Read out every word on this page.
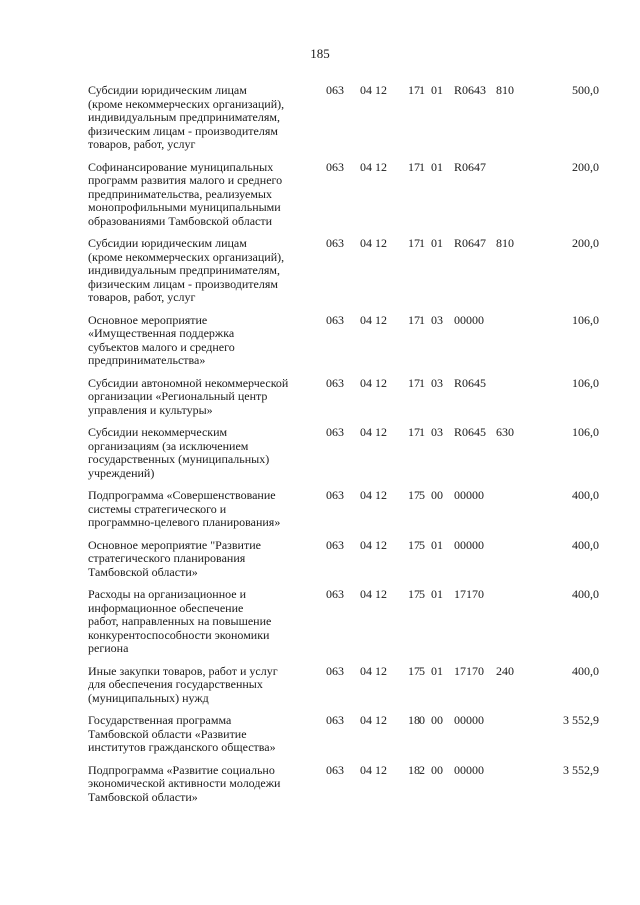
185
Субсидии юридическим лицам
(кроме некоммерческих организаций),
индивидуальным предпринимателям,
физическим лицам - производителям
товаров, работ, услуг
063 04 12 17 1 01 R0643 810	500,0
Софинансирование муниципальных
программ развития малого и среднего
предпринимательства, реализуемых
монопрофильными муниципальными
образованиями Тамбовской области
063 04 12 17 1 01 R0647	200,0
Субсидии юридическим лицам
(кроме некоммерческих организаций),
индивидуальным предпринимателям,
физическим лицам - производителям
товаров, работ, услуг
063 04 12 17 1 01 R0647 810	200,0
Основное мероприятие
«Имущественная поддержка
субъектов малого и среднего
предпринимательства»
063 04 12 17 1 03 00000	106,0
Субсидии автономной некоммерческой
организации «Региональный центр
управления и культуры»
063 04 12 17 1 03 R0645	106,0
Субсидии некоммерческим
организациям (за исключением
государственных (муниципальных)
учреждений)
063 04 12 17 1 03 R0645 630	106,0
Подпрограмма «Совершенствование
системы стратегического и
программно-целевого планирования»
063 04 12 17 5 00 00000	400,0
Основное мероприятие "Развитие
стратегического планирования
Тамбовской области»
063 04 12 17 5 01 00000	400,0
Расходы на организационное и
информационное обеспечение
работ, направленных на повышение
конкурентоспособности экономики
региона
063 04 12 17 5 01 17170	400,0
Иные закупки товаров, работ и услуг
для обеспечения государственных
(муниципальных) нужд
063 04 12 17 5 01 17170 240	400,0
Государственная программа
Тамбовской области «Развитие
институтов гражданского общества»
063 04 12 18 0 00 00000	3 552,9
Подпрограмма «Развитие социально
экономической активности молодежи
Тамбовской области»
063 04 12 18 2 00 00000	3 552,9
